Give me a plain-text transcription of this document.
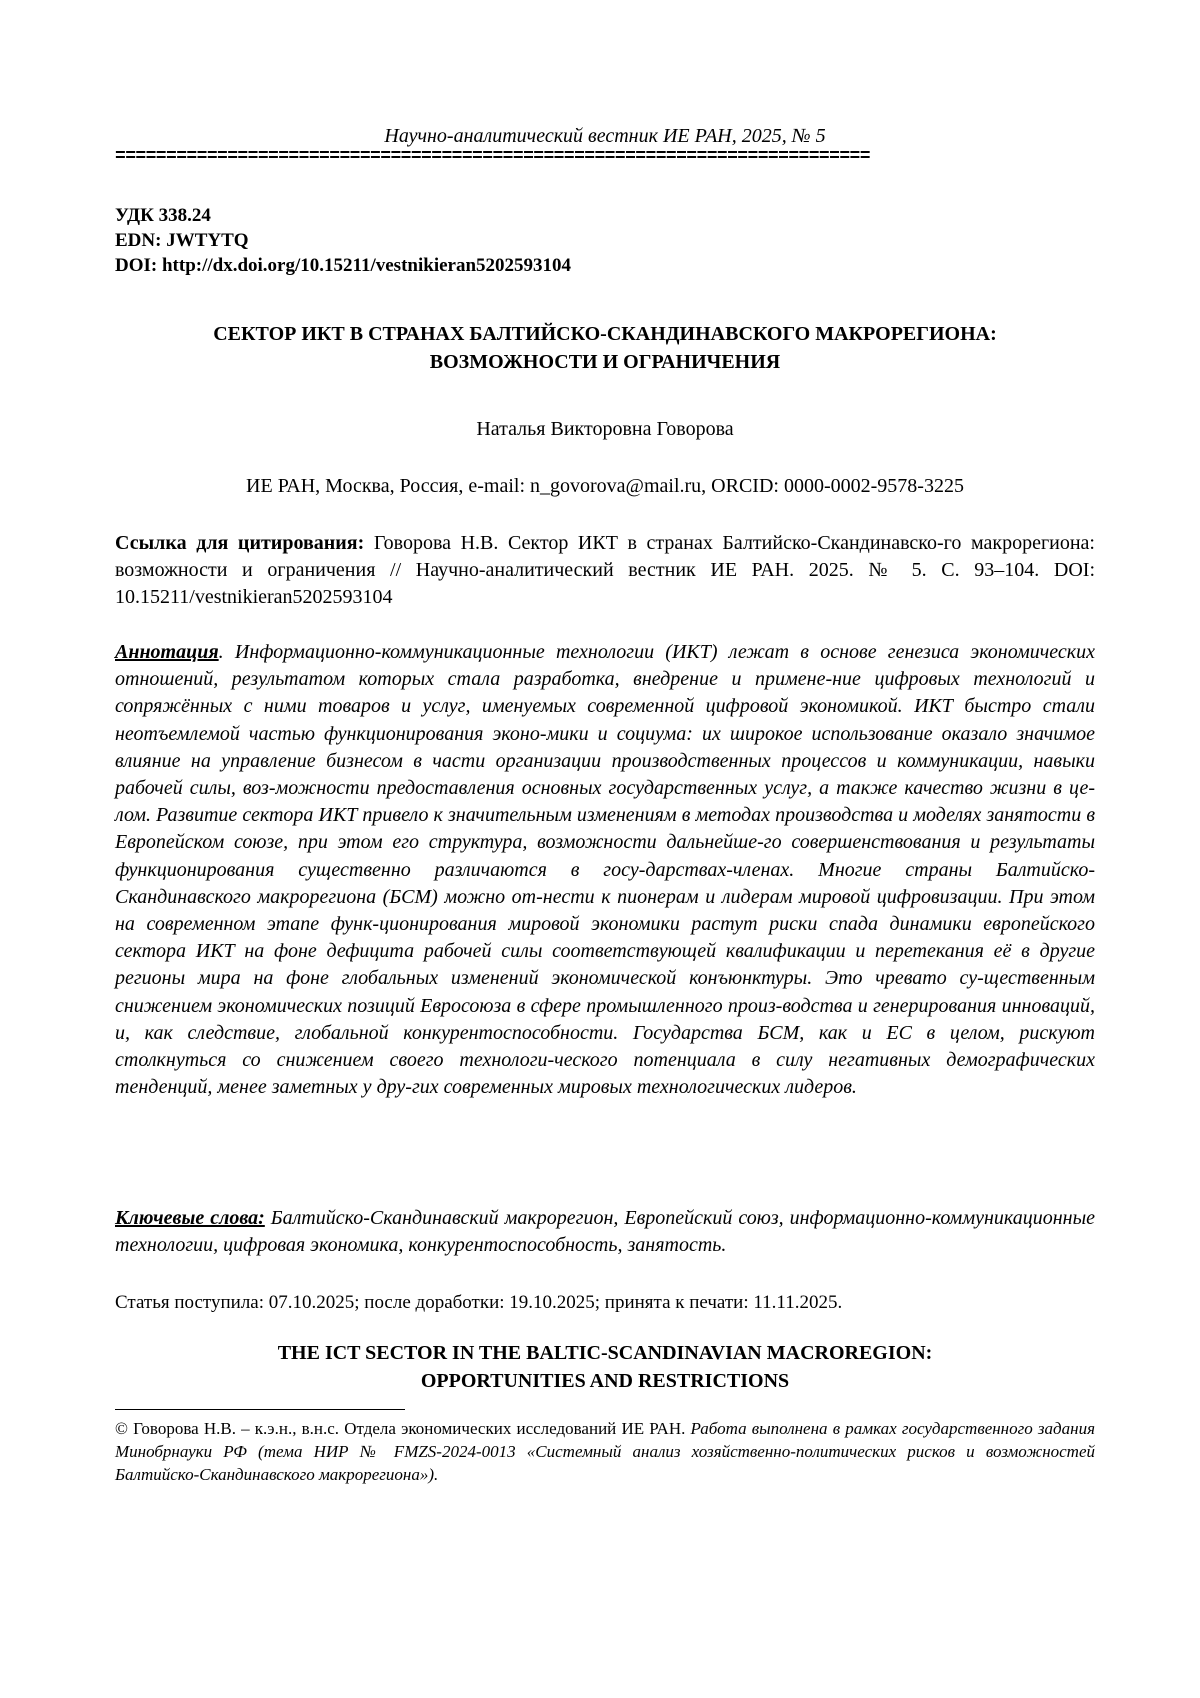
Научно-аналитический вестник ИЕ РАН, 2025, № 5
==========================================================================
УДК 338.24
EDN: JWTYTQ
DOI: http://dx.doi.org/10.15211/vestnikieran5202593104
СЕКТОР ИКТ В СТРАНАХ БАЛТИЙСКО-СКАНДИНАВСКОГО МАКРОРЕГИОНА:
ВОЗМОЖНОСТИ И ОГРАНИЧЕНИЯ
Наталья Викторовна Говорова
ИЕ РАН, Москва, Россия, e-mail: n_govorova@mail.ru, ORCID: 0000-0002-9578-3225
Ссылка для цитирования: Говорова Н.В. Сектор ИКТ в странах Балтийско-Скандинавско-го макрорегиона: возможности и ограничения // Научно-аналитический вестник ИЕ РАН. 2025. № 5. С. 93–104. DOI: 10.15211/vestnikieran5202593104
Аннотация. Информационно-коммуникационные технологии (ИКТ) лежат в основе генезиса экономических отношений, результатом которых стала разработка, внедрение и примене-ние цифровых технологий и сопряжённых с ними товаров и услуг, именуемых современной цифровой экономикой. ИКТ быстро стали неотъемлемой частью функционирования эконо-мики и социума: их широкое использование оказало значимое влияние на управление бизнесом в части организации производственных процессов и коммуникации, навыки рабочей силы, воз-можности предоставления основных государственных услуг, а также качество жизни в це-лом. Развитие сектора ИКТ привело к значительным изменениям в методах производства и моделях занятости в Европейском союзе, при этом его структура, возможности дальнейше-го совершенствования и результаты функционирования существенно различаются в госу-дарствах-членах. Многие страны Балтийско-Скандинавского макрорегиона (БСМ) можно от-нести к пионерам и лидерам мировой цифровизации. При этом на современном этапе функ-ционирования мировой экономики растут риски спада динамики европейского сектора ИКТ на фоне дефицита рабочей силы соответствующей квалификации и перетекания её в другие регионы мира на фоне глобальных изменений экономической конъюнктуры. Это чревато су-щественным снижением экономических позиций Евросоюза в сфере промышленного произ-водства и генерирования инноваций, и, как следствие, глобальной конкурентоспособности. Государства БСМ, как и ЕС в целом, рискуют столкнуться со снижением своего технологи-ческого потенциала в силу негативных демографических тенденций, менее заметных у дру-гих современных мировых технологических лидеров.
Ключевые слова: Балтийско-Скандинавский макрорегион, Европейский союз, информационно-коммуникационные технологии, цифровая экономика, конкурентоспособность, занятость.
Статья поступила: 07.10.2025; после доработки: 19.10.2025; принята к печати: 11.11.2025.
THE ICT SECTOR IN THE BALTIC-SCANDINAVIAN MACROREGION:
OPPORTUNITIES AND RESTRICTIONS
© Говорова Н.В. – к.э.н., в.н.с. Отдела экономических исследований ИЕ РАН. Работа выполнена в рамках государственного задания Минобрнауки РФ (тема НИР № FMZS-2024-0013 «Системный анализ хозяйственно-политических рисков и возможностей Балтийско-Скандинавского макрорегиона»).
